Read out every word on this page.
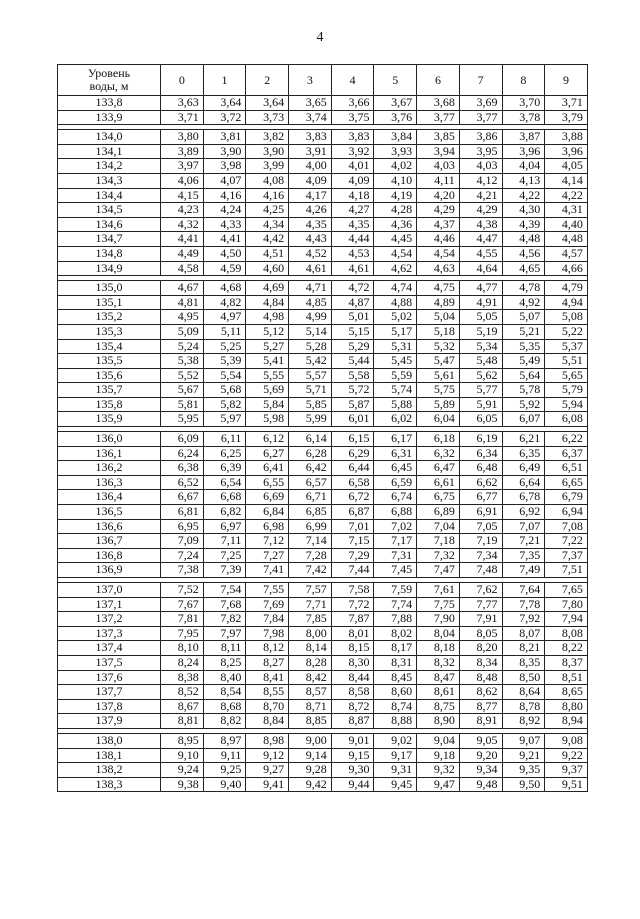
4
Уровень
воды, м	0	1	2	3	4	5	6	7	8	9
133,8	3,63	3,64	3,64	3,65	3,66	3,67	3,68	3,69	3,70	3,71
133,9	3,71	3,72	3,73	3,74	3,75	3,76	3,77	3,77	3,78	3,79

134,0	3,80	3,81	3,82	3,83	3,83	3,84	3,85	3,86	3,87	3,88
134,1	3,89	3,90	3,90	3,91	3,92	3,93	3,94	3,95	3,96	3,96
134,2	3,97	3,98	3,99	4,00	4,01	4,02	4,03	4,03	4,04	4,05
134,3	4,06	4,07	4,08	4,09	4,09	4,10	4,11	4,12	4,13	4,14
134,4	4,15	4,16	4,16	4,17	4,18	4,19	4,20	4,21	4,22	4,22
134,5	4,23	4,24	4,25	4,26	4,27	4,28	4,29	4,29	4,30	4,31
134,6	4,32	4,33	4,34	4,35	4,35	4,36	4,37	4,38	4,39	4,40
134,7	4,41	4,41	4,42	4,43	4,44	4,45	4,46	4,47	4,48	4,48
134,8	4,49	4,50	4,51	4,52	4,53	4,54	4,54	4,55	4,56	4,57
134,9	4,58	4,59	4,60	4,61	4,61	4,62	4,63	4,64	4,65	4,66

135,0	4,67	4,68	4,69	4,71	4,72	4,74	4,75	4,77	4,78	4,79
135,1	4,81	4,82	4,84	4,85	4,87	4,88	4,89	4,91	4,92	4,94
135,2	4,95	4,97	4,98	4,99	5,01	5,02	5,04	5,05	5,07	5,08
135,3	5,09	5,11	5,12	5,14	5,15	5,17	5,18	5,19	5,21	5,22
135,4	5,24	5,25	5,27	5,28	5,29	5,31	5,32	5,34	5,35	5,37
135,5	5,38	5,39	5,41	5,42	5,44	5,45	5,47	5,48	5,49	5,51
135,6	5,52	5,54	5,55	5,57	5,58	5,59	5,61	5,62	5,64	5,65
135,7	5,67	5,68	5,69	5,71	5,72	5,74	5,75	5,77	5,78	5,79
135,8	5,81	5,82	5,84	5,85	5,87	5,88	5,89	5,91	5,92	5,94
135,9	5,95	5,97	5,98	5,99	6,01	6,02	6,04	6,05	6,07	6,08

136,0	6,09	6,11	6,12	6,14	6,15	6,17	6,18	6,19	6,21	6,22
136,1	6,24	6,25	6,27	6,28	6,29	6,31	6,32	6,34	6,35	6,37
136,2	6,38	6,39	6,41	6,42	6,44	6,45	6,47	6,48	6,49	6,51
136,3	6,52	6,54	6,55	6,57	6,58	6,59	6,61	6,62	6,64	6,65
136,4	6,67	6,68	6,69	6,71	6,72	6,74	6,75	6,77	6,78	6,79
136,5	6,81	6,82	6,84	6,85	6,87	6,88	6,89	6,91	6,92	6,94
136,6	6,95	6,97	6,98	6,99	7,01	7,02	7,04	7,05	7,07	7,08
136,7	7,09	7,11	7,12	7,14	7,15	7,17	7,18	7,19	7,21	7,22
136,8	7,24	7,25	7,27	7,28	7,29	7,31	7,32	7,34	7,35	7,37
136,9	7,38	7,39	7,41	7,42	7,44	7,45	7,47	7,48	7,49	7,51

137,0	7,52	7,54	7,55	7,57	7,58	7,59	7,61	7,62	7,64	7,65
137,1	7,67	7,68	7,69	7,71	7,72	7,74	7,75	7,77	7,78	7,80
137,2	7,81	7,82	7,84	7,85	7,87	7,88	7,90	7,91	7,92	7,94
137,3	7,95	7,97	7,98	8,00	8,01	8,02	8,04	8,05	8,07	8,08
137,4	8,10	8,11	8,12	8,14	8,15	8,17	8,18	8,20	8,21	8,22
137,5	8,24	8,25	8,27	8,28	8,30	8,31	8,32	8,34	8,35	8,37
137,6	8,38	8,40	8,41	8,42	8,44	8,45	8,47	8,48	8,50	8,51
137,7	8,52	8,54	8,55	8,57	8,58	8,60	8,61	8,62	8,64	8,65
137,8	8,67	8,68	8,70	8,71	8,72	8,74	8,75	8,77	8,78	8,80
137,9	8,81	8,82	8,84	8,85	8,87	8,88	8,90	8,91	8,92	8,94

138,0	8,95	8,97	8,98	9,00	9,01	9,02	9,04	9,05	9,07	9,08
138,1	9,10	9,11	9,12	9,14	9,15	9,17	9,18	9,20	9,21	9,22
138,2	9,24	9,25	9,27	9,28	9,30	9,31	9,32	9,34	9,35	9,37
138,3	9,38	9,40	9,41	9,42	9,44	9,45	9,47	9,48	9,50	9,51
